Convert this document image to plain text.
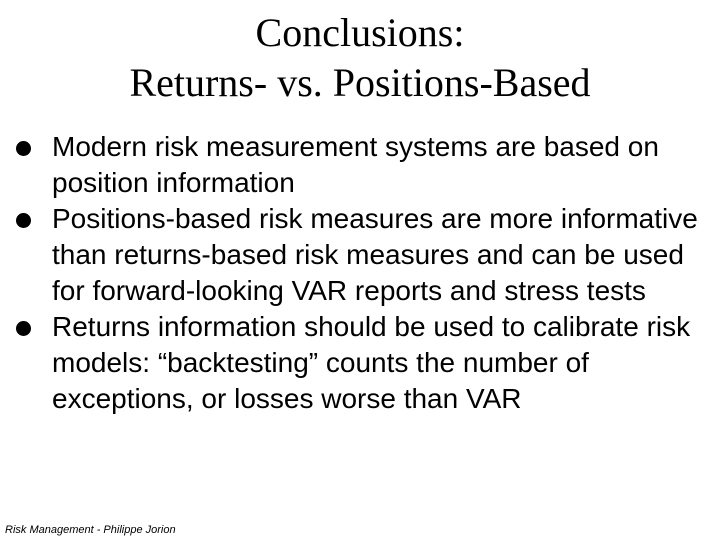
Conclusions:
Returns- vs. Positions-Based
Modern risk measurement systems are based on position information
Positions-based risk measures are more informative than returns-based risk measures and can be used for forward-looking VAR reports and stress tests
Returns information should be used to calibrate risk models: “backtesting” counts the number of exceptions, or losses worse than VAR
Risk Management - Philippe Jorion
